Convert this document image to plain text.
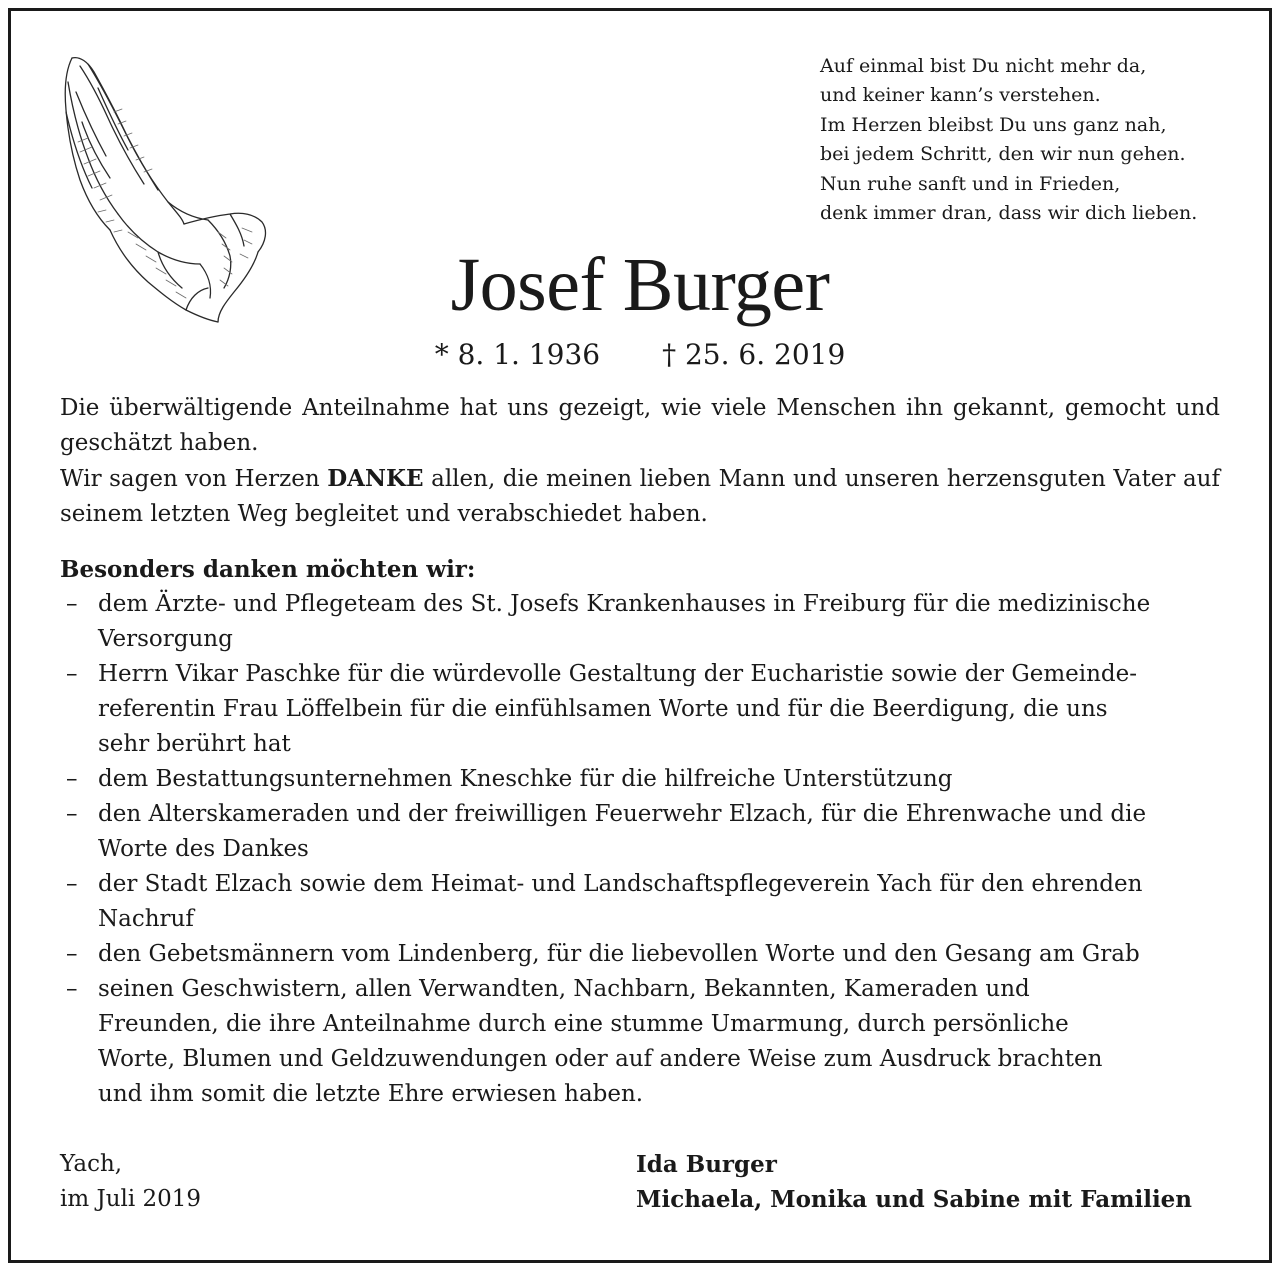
Auf einmal bist Du nicht mehr da,
und keiner kann’s verstehen.
Im Herzen bleibst Du uns ganz nah,
bei jedem Schritt, den wir nun gehen.
Nun ruhe sanft und in Frieden,
denk immer dran, dass wir dich lieben.
Josef Burger
* 8. 1. 1936 † 25. 6. 2019
Die überwältigende Anteilnahme hat uns gezeigt, wie viele Menschen ihn gekannt, gemocht und geschätzt haben.
Wir sagen von Herzen DANKE allen, die meinen lieben Mann und unseren herzensguten Vater auf seinem letzten Weg begleitet und verabschiedet haben.
Besonders danken möchten wir:
– dem Ärzte- und Pflegeteam des St. Josefs Krankenhauses in Freiburg für die medizinische
Versorgung
– Herrn Vikar Paschke für die würdevolle Gestaltung der Eucharistie sowie der Gemeinde-
referentin Frau Löffelbein für die einfühlsamen Worte und für die Beerdigung, die uns
sehr berührt hat
– dem Bestattungsunternehmen Kneschke für die hilfreiche Unterstützung
– den Alterskameraden und der freiwilligen Feuerwehr Elzach, für die Ehrenwache und die
Worte des Dankes
– der Stadt Elzach sowie dem Heimat- und Landschaftspflegeverein Yach für den ehrenden
Nachruf
– den Gebetsmännern vom Lindenberg, für die liebevollen Worte und den Gesang am Grab
– seinen Geschwistern, allen Verwandten, Nachbarn, Bekannten, Kameraden und
Freunden, die ihre Anteilnahme durch eine stumme Umarmung, durch persönliche
Worte, Blumen und Geldzuwendungen oder auf andere Weise zum Ausdruck brachten
und ihm somit die letzte Ehre erwiesen haben.
Yach,
im Juli 2019
Ida Burger
Michaela, Monika und Sabine mit Familien
